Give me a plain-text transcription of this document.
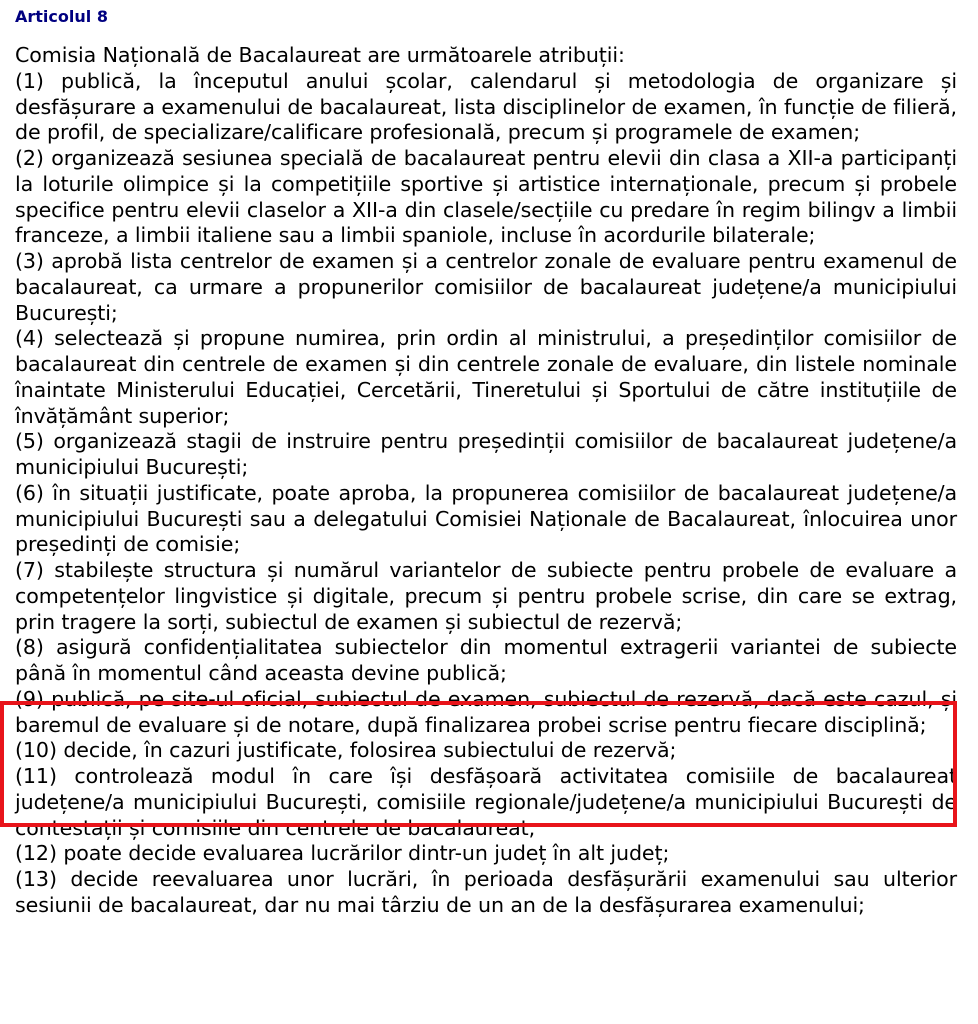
Articolul 8

Comisia Națională de Bacalaureat are următoarele atribuții:

(1) publică, la începutul anului școlar, calendarul și metodologia de organizare și desfășurare a examenului de bacalaureat, lista disciplinelor de examen, în funcție de filieră, de profil, de specializare/calificare profesională, precum și programele de examen;

(2) organizează sesiunea specială de bacalaureat pentru elevii din clasa a XII-a participanți la loturile olimpice și la competițiile sportive și artistice internaționale, precum și probele specifice pentru elevii claselor a XII-a din clasele/secțiile cu predare în regim bilingv a limbii franceze, a limbii italiene sau a limbii spaniole, incluse în acordurile bilaterale;

(3) aprobă lista centrelor de examen și a centrelor zonale de evaluare pentru examenul de bacalaureat, ca urmare a propunerilor comisiilor de bacalaureat județene/a municipiului București;

(4) selectează și propune numirea, prin ordin al ministrului, a președinților comisiilor de bacalaureat din centrele de examen și din centrele zonale de evaluare, din listele nominale înaintate Ministerului Educației, Cercetării, Tineretului și Sportului de către instituțiile de învățământ superior;

(5) organizează stagii de instruire pentru președinții comisiilor de bacalaureat județene/a municipiului București;

(6) în situații justificate, poate aproba, la propunerea comisiilor de bacalaureat județene/a municipiului București sau a delegatului Comisiei Naționale de Bacalaureat, înlocuirea unor președinți de comisie;

(7) stabilește structura și numărul variantelor de subiecte pentru probele de evaluare a competențelor lingvistice și digitale, precum și pentru probele scrise, din care se extrag, prin tragere la sorți, subiectul de examen și subiectul de rezervă;

(8) asigură confidențialitatea subiectelor din momentul extragerii variantei de subiecte până în momentul când aceasta devine publică;

(9) publică, pe site-ul oficial, subiectul de examen, subiectul de rezervă, dacă este cazul, și baremul de evaluare și de notare, după finalizarea probei scrise pentru fiecare disciplină;

(10) decide, în cazuri justificate, folosirea subiectului de rezervă;

(11) controlează modul în care își desfășoară activitatea comisiile de bacalaureat județene/a municipiului București, comisiile regionale/județene/a municipiului București de contestații și comisiile din centrele de bacalaureat;

(12) poate decide evaluarea lucrărilor dintr-un județ în alt județ;

(13) decide reevaluarea unor lucrări, în perioada desfășurării examenului sau ulterior sesiunii de bacalaureat, dar nu mai târziu de un an de la desfășurarea examenului;
